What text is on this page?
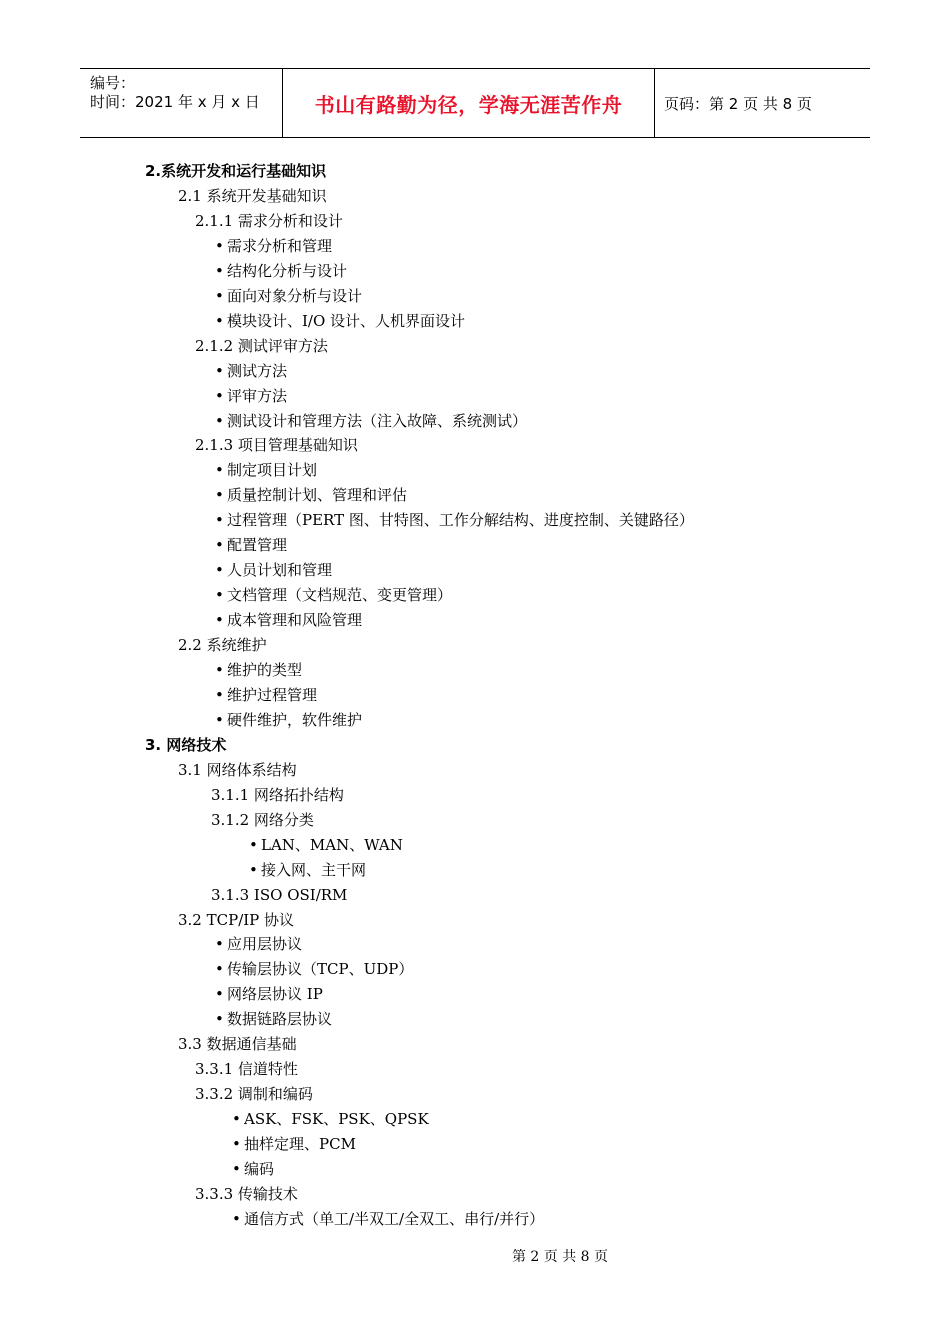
编号：
时间：2021 年 x 月 x 日	书山有路勤为径，学海无涯苦作舟	页码：第 2 页 共 8 页
2.系统开发和运行基础知识
2.1 系统开发基础知识
2.1.1 需求分析和设计
• 需求分析和管理
• 结构化分析与设计
• 面向对象分析与设计
• 模块设计、I/O 设计、人机界面设计
2.1.2 测试评审方法
• 测试方法
• 评审方法
• 测试设计和管理方法（注入故障、系统测试）
2.1.3 项目管理基础知识
• 制定项目计划
• 质量控制计划、管理和评估
• 过程管理（PERT 图、甘特图、工作分解结构、进度控制、关键路径）
• 配置管理
• 人员计划和管理
• 文档管理（文档规范、变更管理）
• 成本管理和风险管理
2.2 系统维护
• 维护的类型
• 维护过程管理
• 硬件维护，软件维护
3. 网络技术
3.1 网络体系结构
3.1.1 网络拓扑结构
3.1.2 网络分类
• LAN、MAN、WAN
• 接入网、主干网
3.1.3 ISO OSI/RM
3.2 TCP/IP 协议
• 应用层协议
• 传输层协议（TCP、UDP）
• 网络层协议 IP
• 数据链路层协议
3.3 数据通信基础
3.3.1 信道特性
3.3.2 调制和编码
• ASK、FSK、PSK、QPSK
• 抽样定理、PCM
• 编码
3.3.3 传输技术
• 通信方式（单工/半双工/全双工、串行/并行）
第 2 页 共 8 页
